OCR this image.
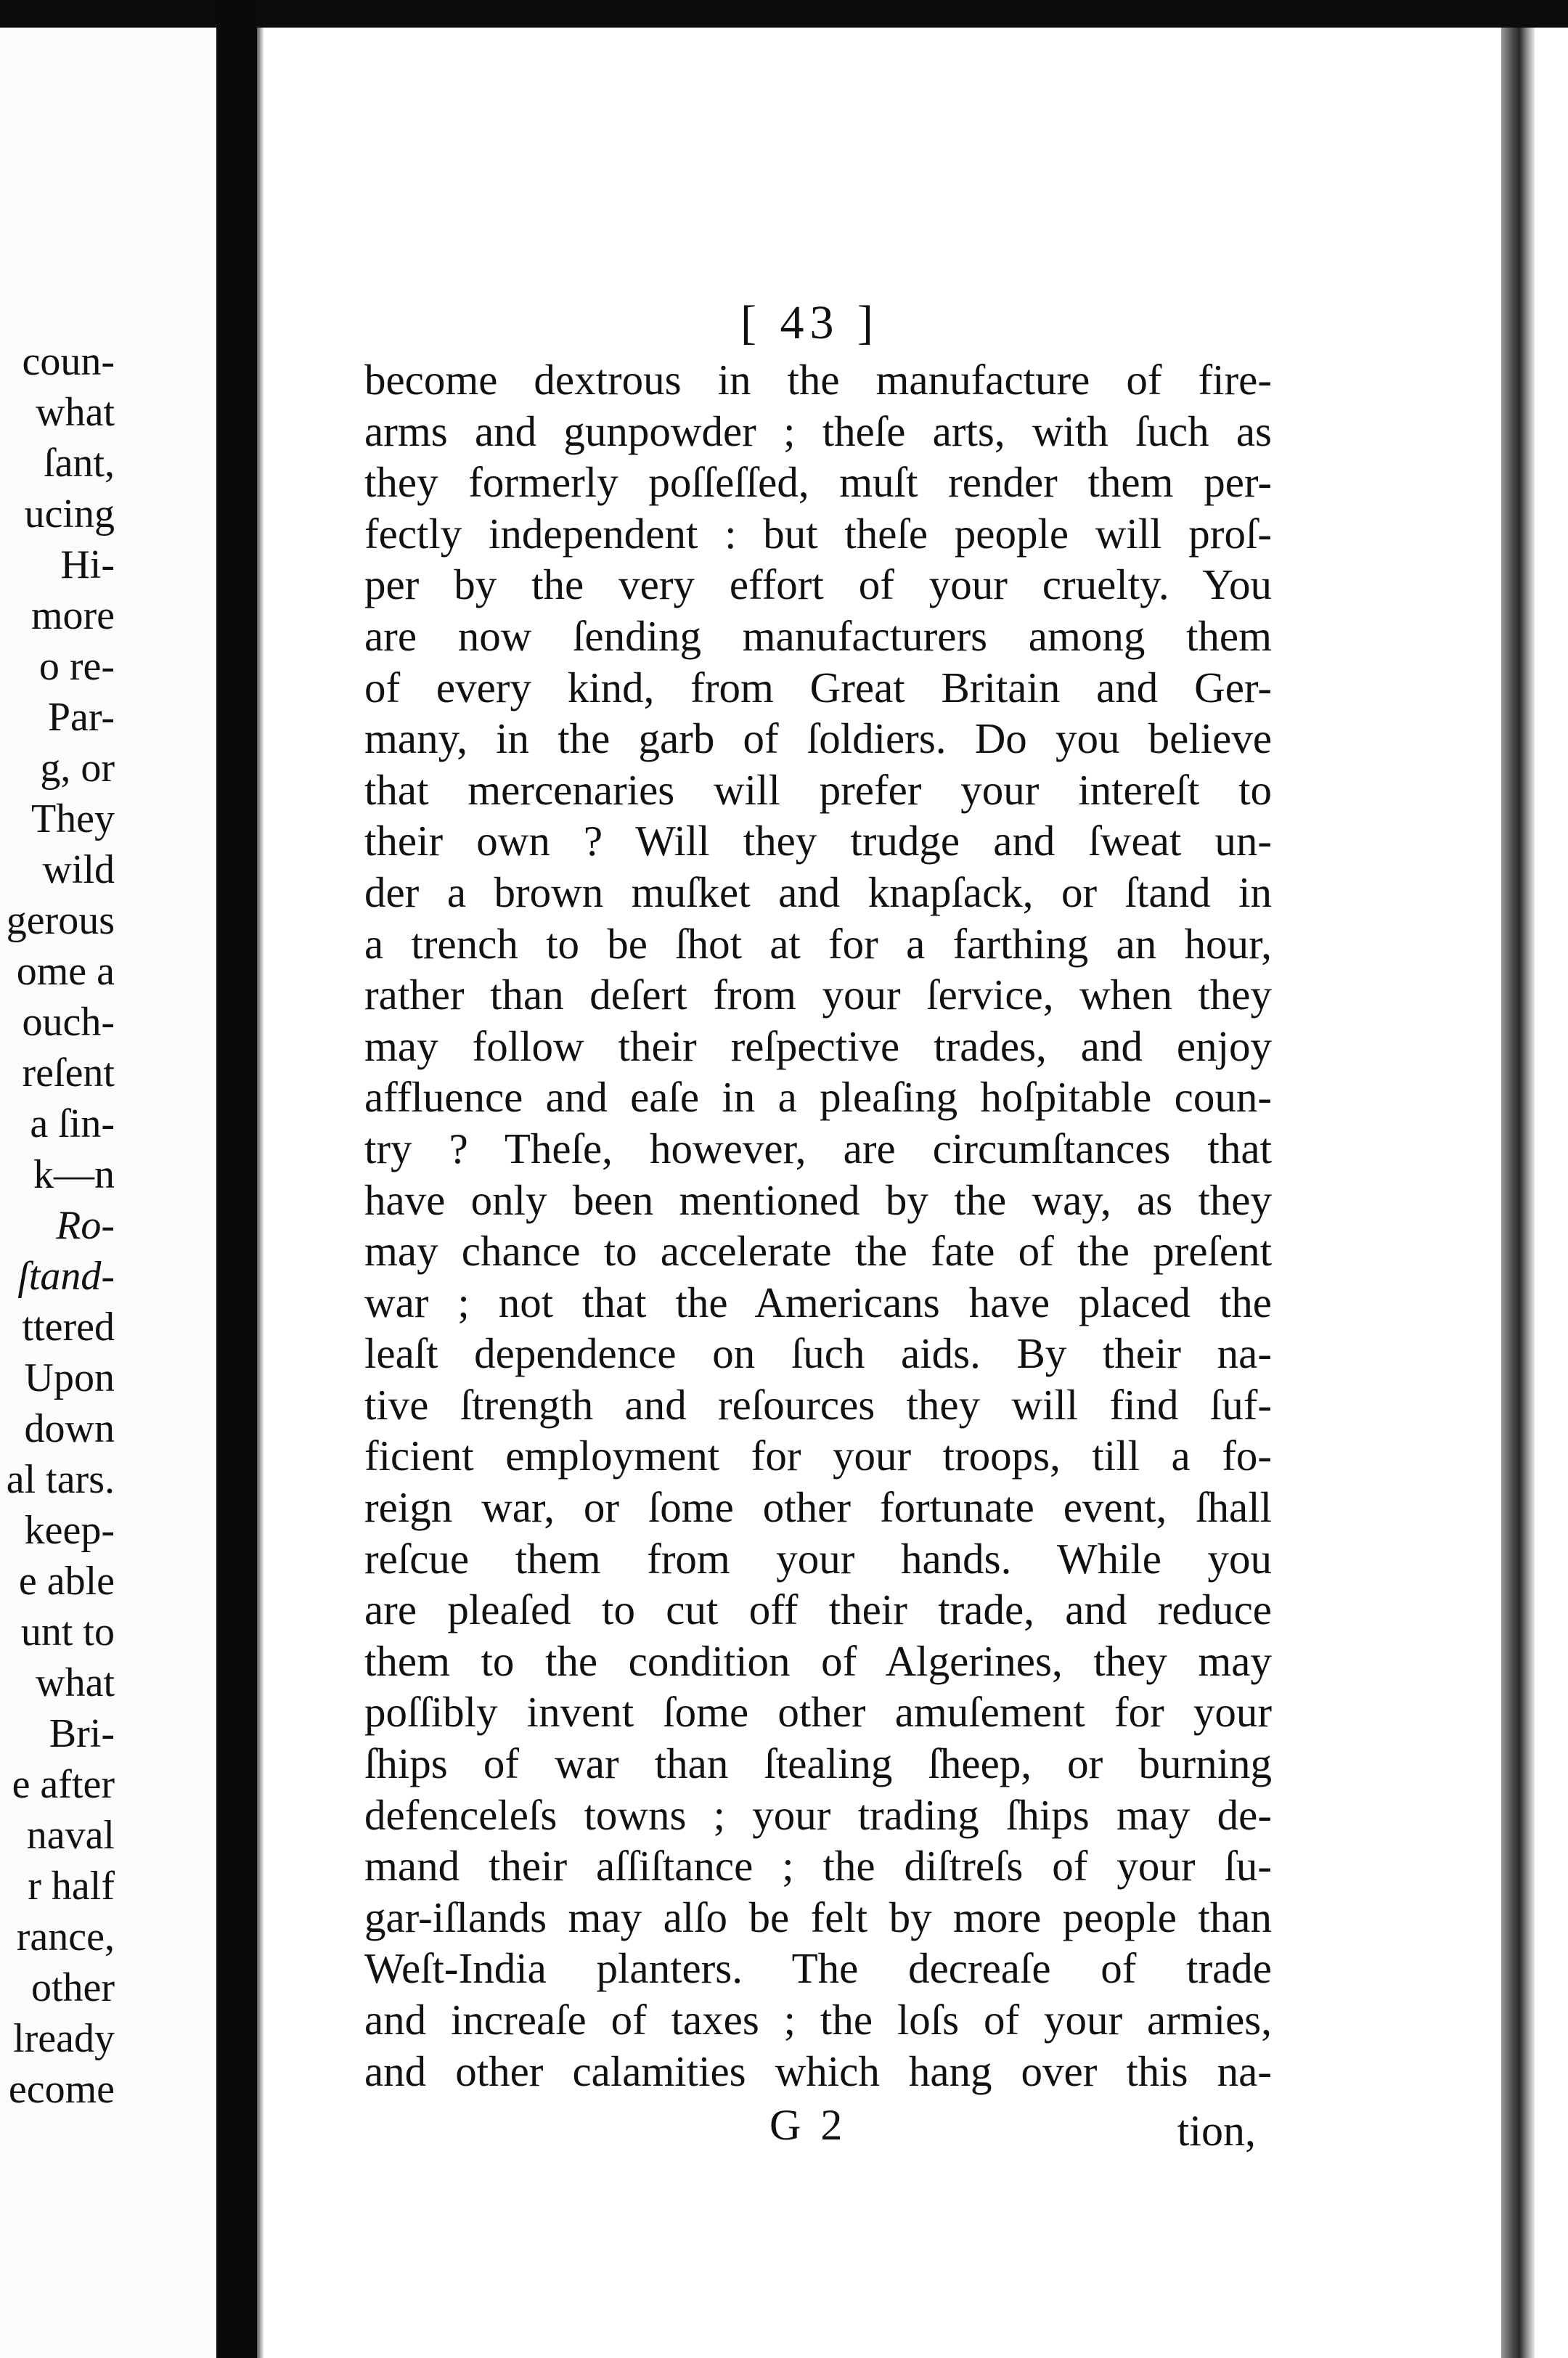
coun-
what
ſant,
ucing
Hi-
more
o re-
Par-
g, or
They
wild
gerous
ome a
ouch-
reſent
a ſin-
k—n
Ro-
ſtand-
ttered
Upon
down
al tars.
keep-
e able
unt to
what
Bri-
e after
naval
r half
rance,
other
lready
ecome
[ 43 ]
become dextrous in the manufacture of fire-
arms and gunpowder ; theſe arts, with ſuch as
they formerly poſſeſſed, muſt render them per-
fectly independent : but theſe people will proſ-
per by the very effort of your cruelty. You
are now ſending manufacturers among them
of every kind, from Great Britain and Ger-
many, in the garb of ſoldiers. Do you believe
that mercenaries will prefer your intereſt to
their own ? Will they trudge and ſweat un-
der a brown muſket and knapſack, or ſtand in
a trench to be ſhot at for a farthing an hour,
rather than deſert from your ſervice, when they
may follow their reſpective trades, and enjoy
affluence and eaſe in a pleaſing hoſpitable coun-
try ? Theſe, however, are circumſtances that
have only been mentioned by the way, as they
may chance to accelerate the fate of the preſent
war ; not that the Americans have placed the
leaſt dependence on ſuch aids. By their na-
tive ſtrength and reſources they will find ſuf-
ficient employment for your troops, till a fo-
reign war, or ſome other fortunate event, ſhall
reſcue them from your hands. While you
are pleaſed to cut off their trade, and reduce
them to the condition of Algerines, they may
poſſibly invent ſome other amuſement for your
ſhips of war than ſtealing ſheep, or burning
defenceleſs towns ; your trading ſhips may de-
mand their aſſiſtance ; the diſtreſs of your ſu-
gar-iſlands may alſo be felt by more people than
Weſt-India planters. The decreaſe of trade
and increaſe of taxes ; the loſs of your armies,
and other calamities which hang over this na-
G 2	tion,
